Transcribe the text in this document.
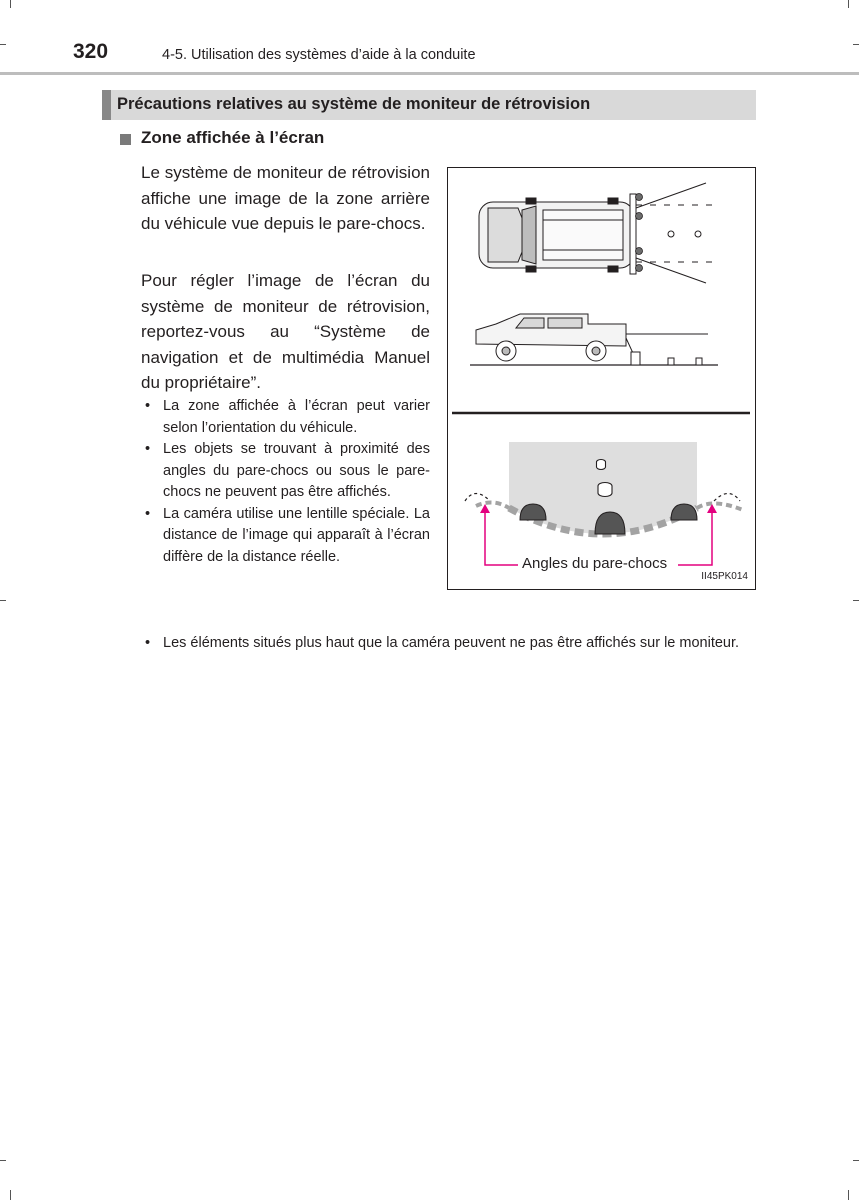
320	4-5. Utilisation des systèmes d’aide à la conduite
Précautions relatives au système de moniteur de rétrovision
Zone affichée à l’écran

Le système de moniteur de rétrovision affiche une image de la zone arrière du véhicule vue depuis le pare-chocs.

Pour régler l’image de l’écran du système de moniteur de rétrovision, reportez-vous au “Système de navigation et de multimédia Manuel du propriétaire”.

• La zone affichée à l’écran peut varier selon l’orientation du véhicule.
• Les objets se trouvant à proximité des angles du pare-chocs ou sous le pare-chocs ne peuvent pas être affichés.
• La caméra utilise une lentille spéciale. La distance de l’image qui apparaît à l’écran diffère de la distance réelle.
• Les éléments situés plus haut que la caméra peuvent ne pas être affichés sur le moniteur.
Angles du pare-chocs
II45PK014
